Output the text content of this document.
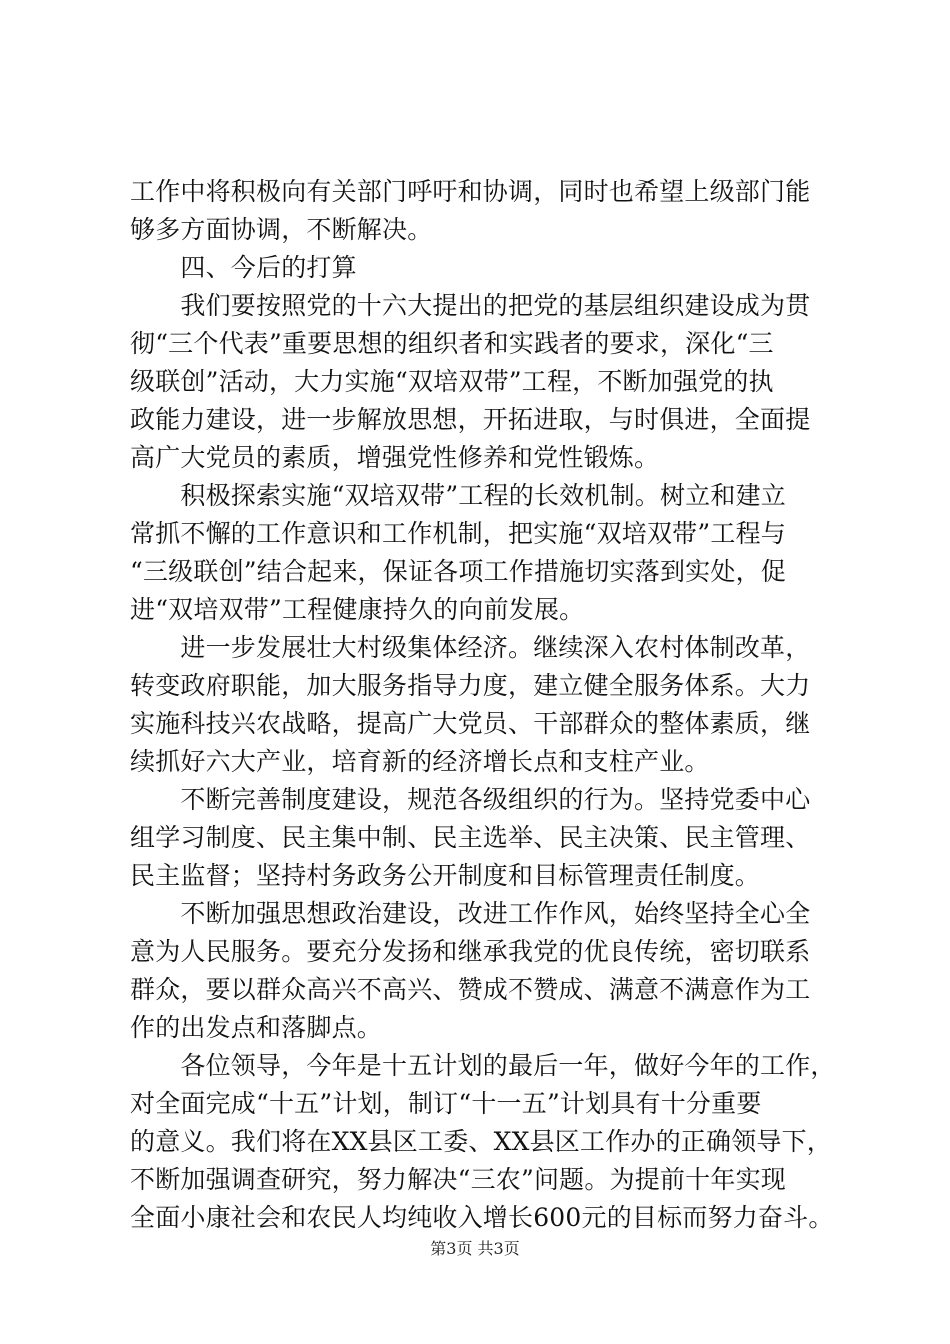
工作中将积极向有关部门呼吁和协调，同时也希望上级部门能
够多方面协调，不断解决。
　　四、今后的打算
　　我们要按照党的十六大提出的把党的基层组织建设成为贯
彻“三个代表”重要思想的组织者和实践者的要求，深化“三
级联创”活动，大力实施“双培双带”工程，不断加强党的执
政能力建设，进一步解放思想，开拓进取，与时俱进，全面提
高广大党员的素质，增强党性修养和党性锻炼。
　　积极探索实施“双培双带”工程的长效机制。树立和建立
常抓不懈的工作意识和工作机制，把实施“双培双带”工程与
“三级联创”结合起来，保证各项工作措施切实落到实处，促
进“双培双带”工程健康持久的向前发展。
　　进一步发展壮大村级集体经济。继续深入农村体制改革，
转变政府职能，加大服务指导力度，建立健全服务体系。大力
实施科技兴农战略，提高广大党员、干部群众的整体素质，继
续抓好六大产业，培育新的经济增长点和支柱产业。
　　不断完善制度建设，规范各级组织的行为。坚持党委中心
组学习制度、民主集中制、民主选举、民主决策、民主管理、
民主监督；坚持村务政务公开制度和目标管理责任制度。
　　不断加强思想政治建设，改进工作作风，始终坚持全心全
意为人民服务。要充分发扬和继承我党的优良传统，密切联系
群众，要以群众高兴不高兴、赞成不赞成、满意不满意作为工
作的出发点和落脚点。
　　各位领导，今年是十五计划的最后一年，做好今年的工作，
对全面完成“十五”计划，制订“十一五”计划具有十分重要
的意义。我们将在XX县区工委、XX县区工作办的正确领导下，
不断加强调查研究，努力解决“三农”问题。为提前十年实现
全面小康社会和农民人均纯收入增长600元的目标而努力奋斗。
第3页 共3页
